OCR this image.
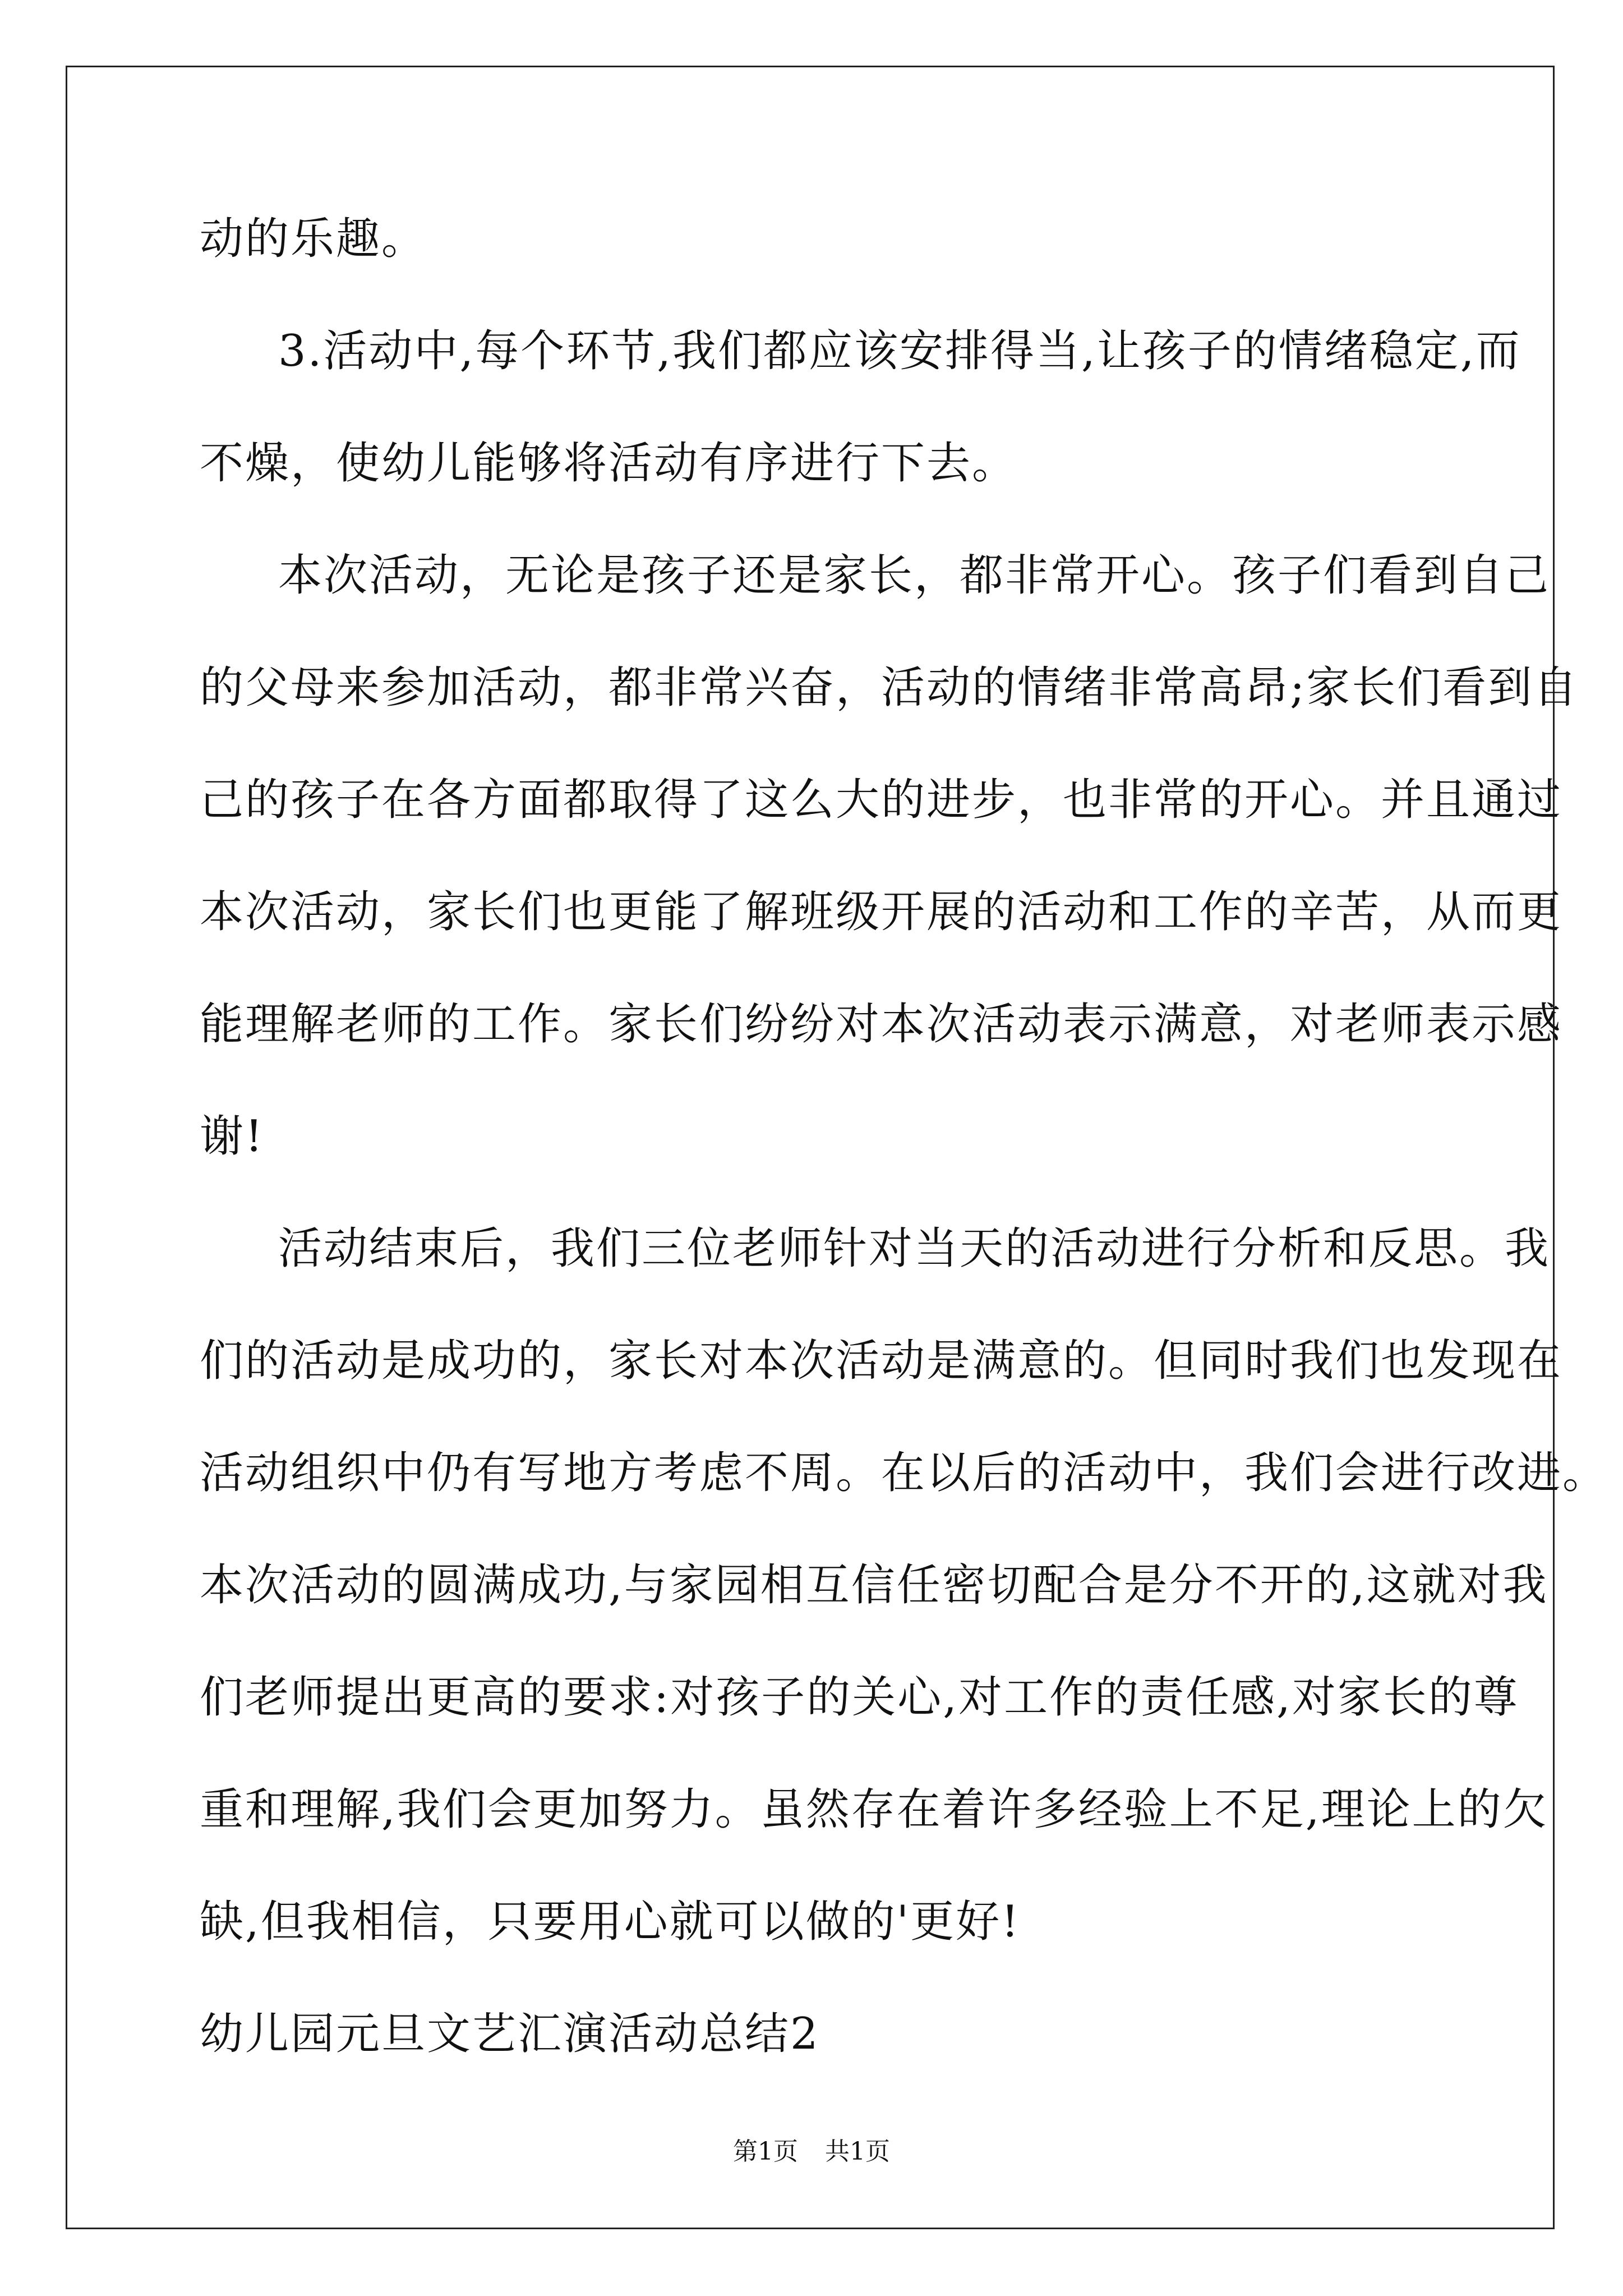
动的乐趣。
3.活动中,每个环节,我们都应该安排得当,让孩子的情绪稳定,而
不燥，使幼儿能够将活动有序进行下去。
本次活动，无论是孩子还是家长，都非常开心。孩子们看到自己
的父母来参加活动，都非常兴奋，活动的情绪非常高昂;家长们看到自
己的孩子在各方面都取得了这么大的进步，也非常的开心。并且通过
本次活动，家长们也更能了解班级开展的活动和工作的辛苦，从而更
能理解老师的工作。家长们纷纷对本次活动表示满意，对老师表示感
谢!
活动结束后，我们三位老师针对当天的活动进行分析和反思。我
们的活动是成功的，家长对本次活动是满意的。但同时我们也发现在
活动组织中仍有写地方考虑不周。在以后的活动中，我们会进行改进。
本次活动的圆满成功,与家园相互信任密切配合是分不开的,这就对我
们老师提出更高的要求:对孩子的关心,对工作的责任感,对家长的尊
重和理解,我们会更加努力。虽然存在着许多经验上不足,理论上的欠
缺,但我相信，只要用心就可以做的'更好!
幼儿园元旦文艺汇演活动总结2
第1页 共1页
